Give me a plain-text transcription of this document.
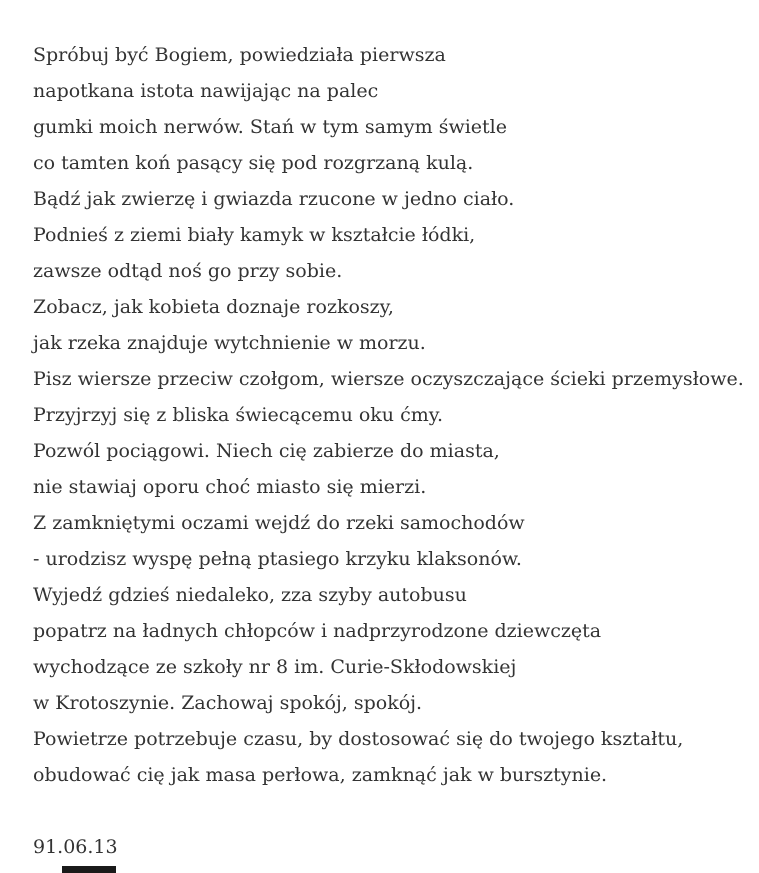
Spróbuj być Bogiem, powiedziała pierwsza
napotkana istota nawijając na palec
gumki moich nerwów. Stań w tym samym świetle
co tamten koń pasący się pod rozgrzaną kulą.
Bądź jak zwierzę i gwiazda rzucone w jedno ciało.
Podnieś z ziemi biały kamyk w kształcie łódki,
zawsze odtąd noś go przy sobie.
Zobacz, jak kobieta doznaje rozkoszy,
jak rzeka znajduje wytchnienie w morzu.
Pisz wiersze przeciw czołgom, wiersze oczyszczające ścieki przemysłowe.
Przyjrzyj się z bliska świecącemu oku ćmy.
Pozwól pociągowi. Niech cię zabierze do miasta,
nie stawiaj oporu choć miasto się mierzi.
Z zamkniętymi oczami wejdź do rzeki samochodów
- urodzisz wyspę pełną ptasiego krzyku klaksonów.
Wyjedź gdzieś niedaleko, zza szyby autobusu
popatrz na ładnych chłopców i nadprzyrodzone dziewczęta
wychodzące ze szkoły nr 8 im. Curie-Skłodowskiej
w Krotoszynie. Zachowaj spokój, spokój.
Powietrze potrzebuje czasu, by dostosować się do twojego kształtu,
obudować cię jak masa perłowa, zamknąć jak w bursztynie.
91.06.13
